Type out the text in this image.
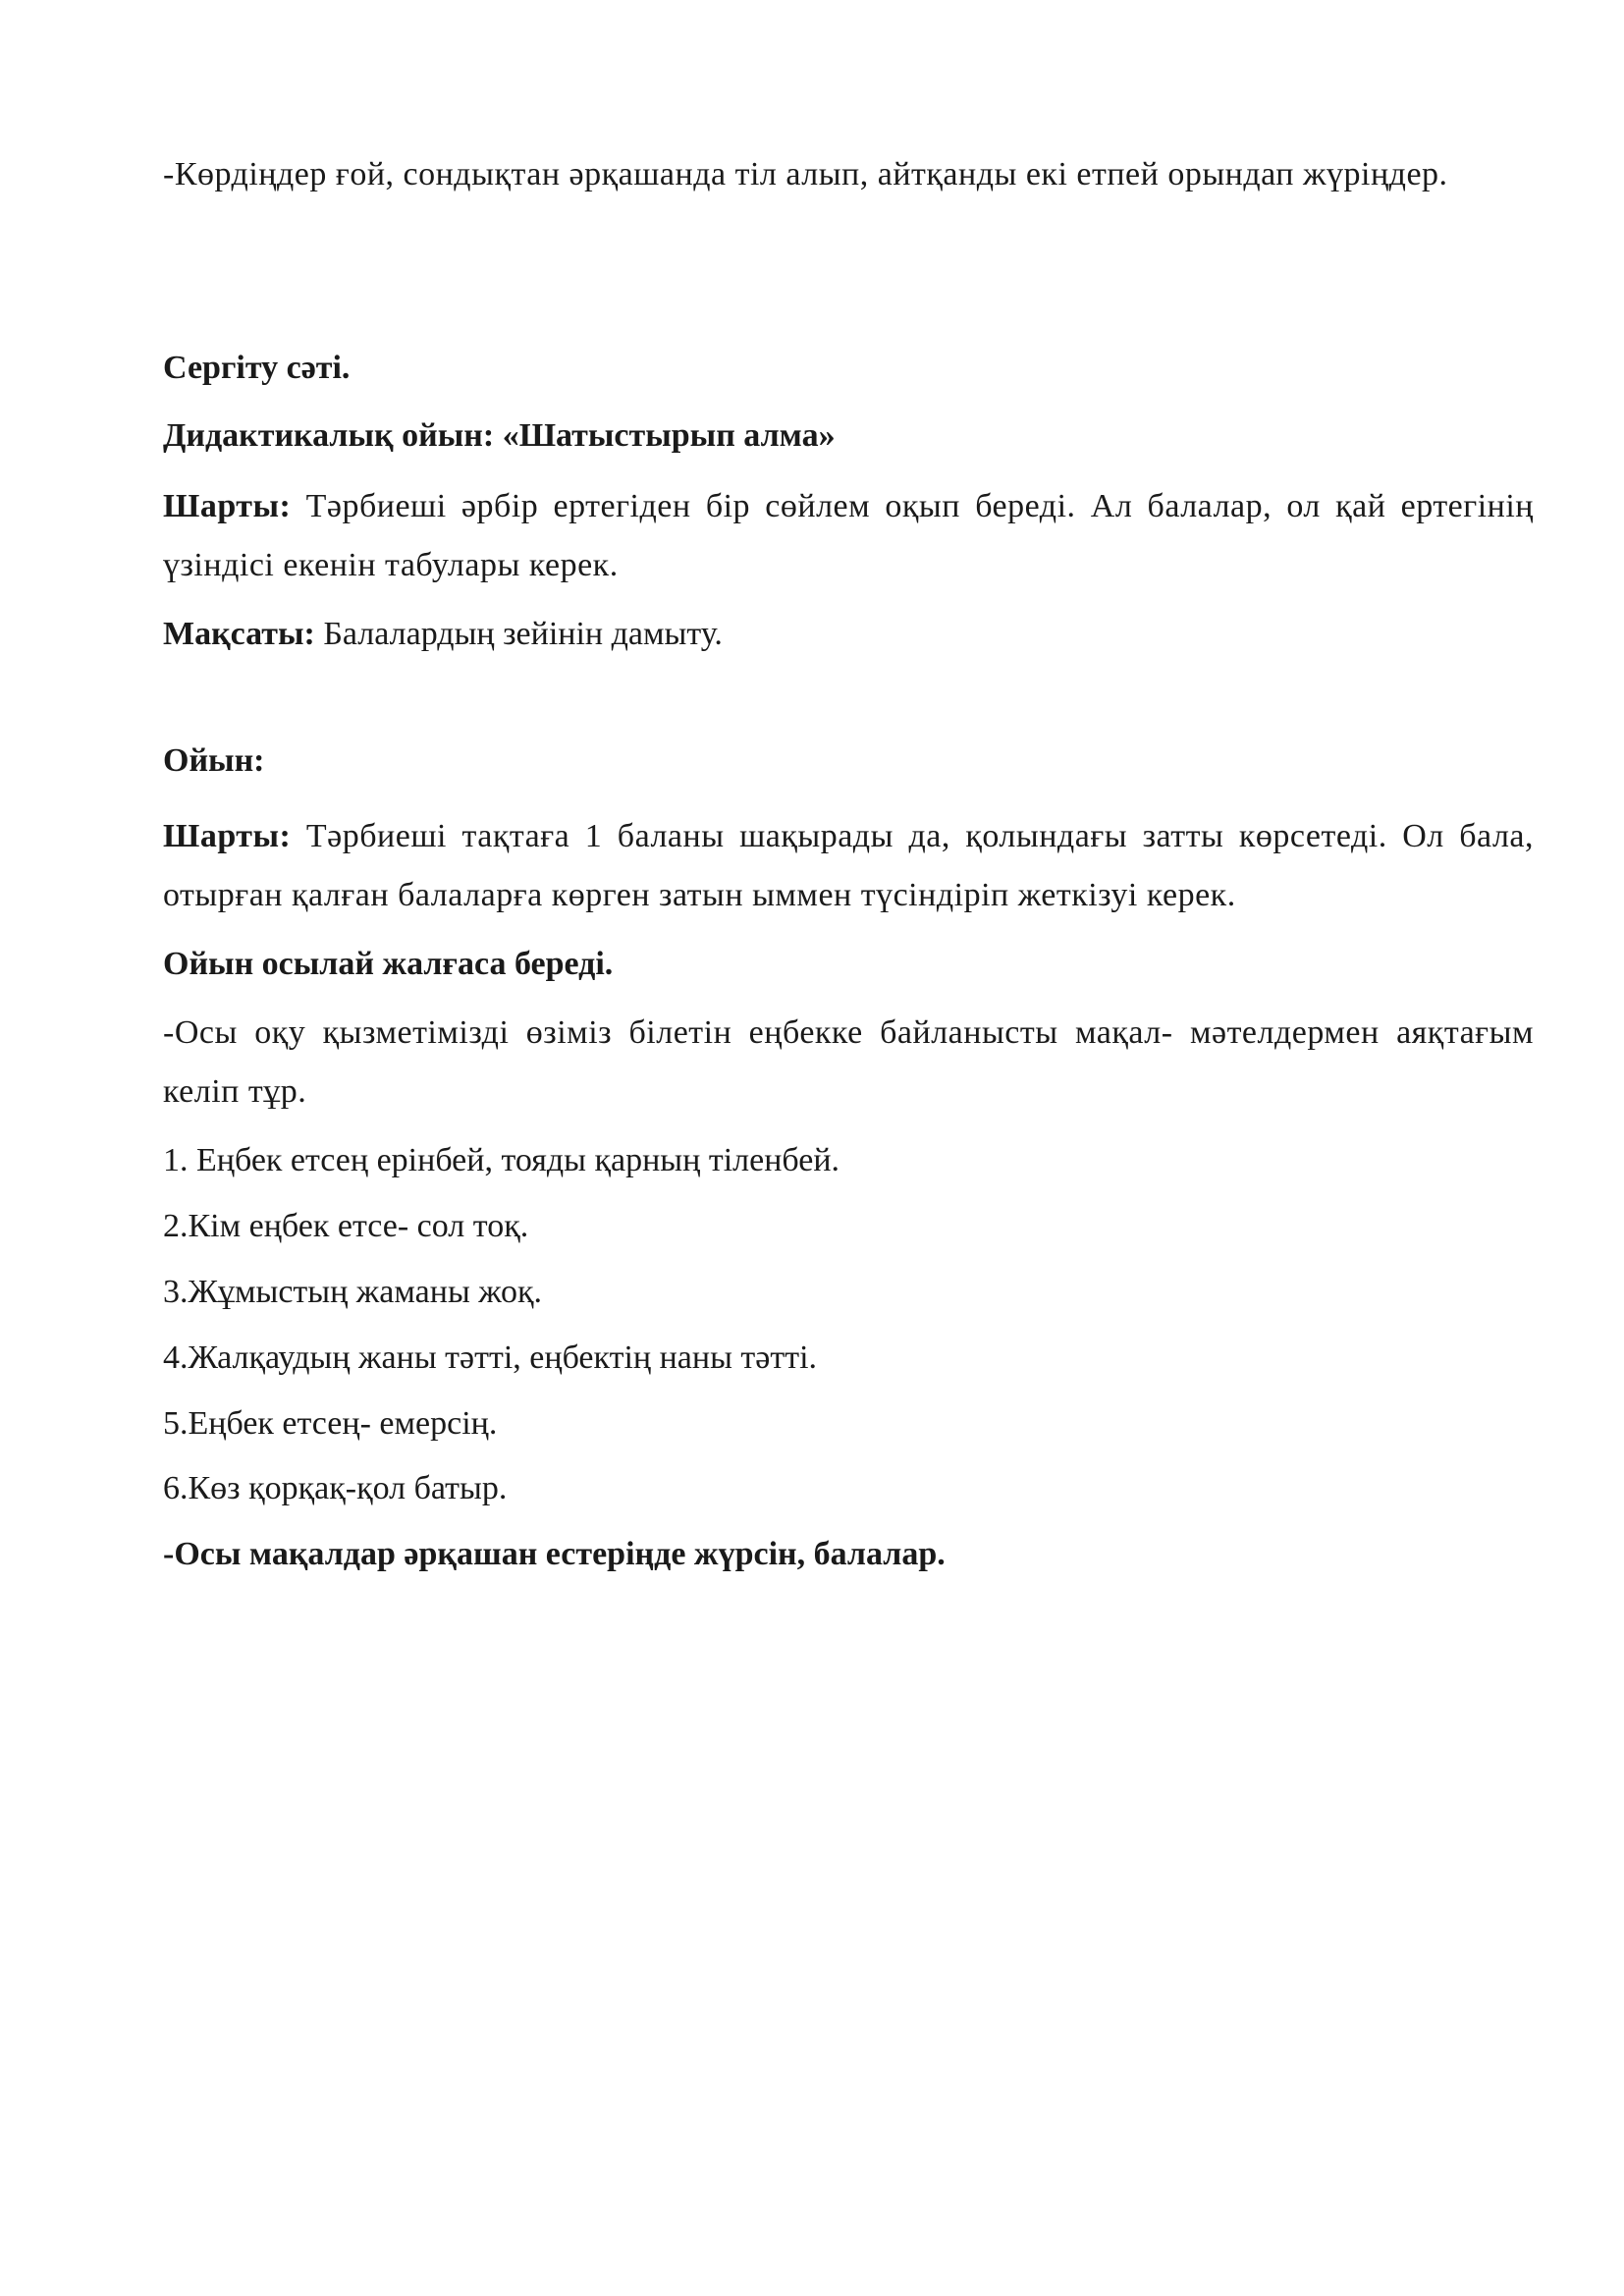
-Көрдіңдер ғой, сондықтан әрқашанда тіл алып, айтқанды екі етпей орындап жүріңдер.
Сергіту сәті.
Дидактикалық ойын: «Шатыстырып алма»
Шарты: Тәрбиеші әрбір ертегіден бір сөйлем оқып береді. Ал балалар, ол қай ертегінің үзіндісі екенін табулары керек.
Мақсаты: Балалардың зейінін дамыту.
Ойын:
Шарты: Тәрбиеші тақтаға 1 баланы шақырады да, қолындағы затты көрсетеді. Ол бала, отырған қалған балаларға көрген затын ыммен түсіндіріп жеткізуі керек.
Ойын осылай жалғаса береді.
-Осы оқу қызметімізді өзіміз білетін еңбекке байланысты мақал- мәтелдермен аяқтағым келіп тұр.
1. Еңбек етсең ерінбей, тояды қарның тіленбей.
2.Кім еңбек етсе- сол тоқ.
3.Жұмыстың жаманы жоқ.
4.Жалқаудың жаны тәтті, еңбектің наны тәтті.
5.Еңбек етсең- емерсің.
6.Көз қорқақ-қол батыр.
-Осы мақалдар әрқашан естеріңде жүрсін, балалар.
